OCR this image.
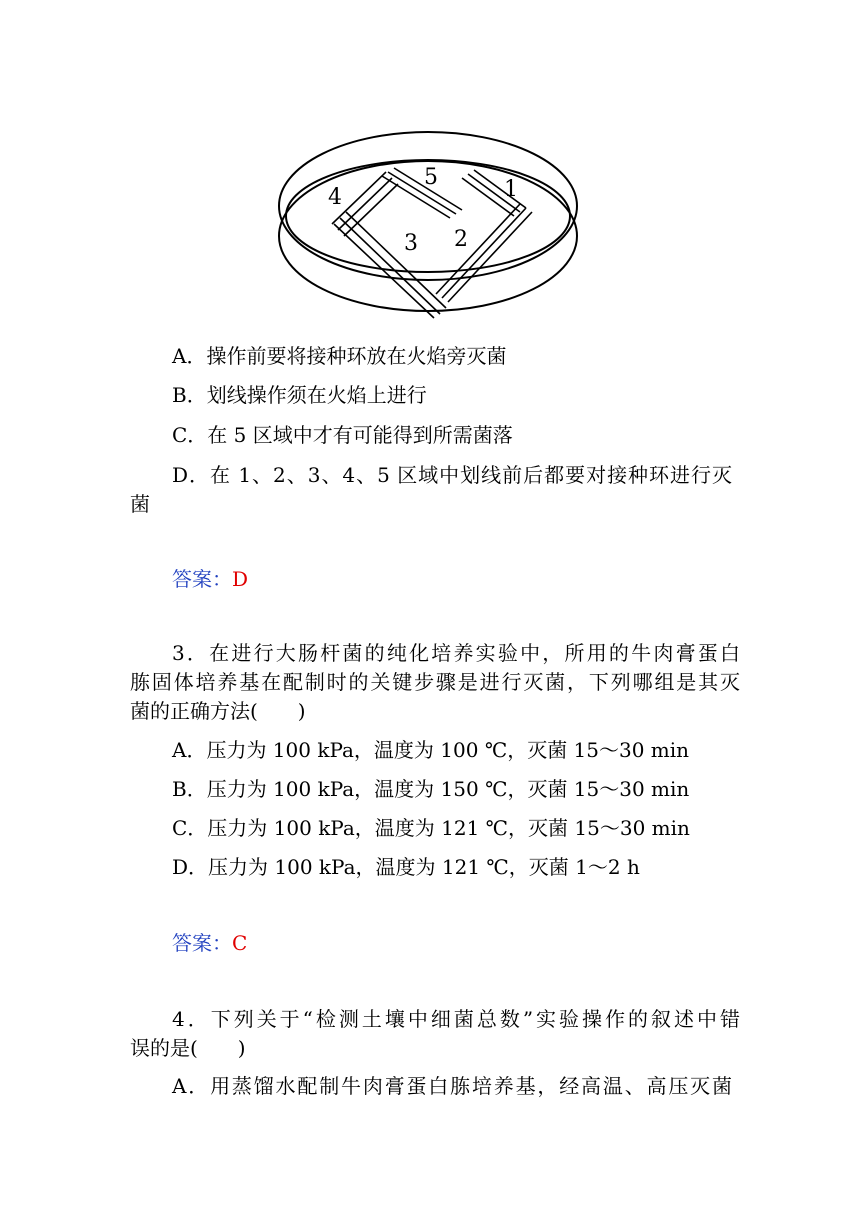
1
2
3
4
5
A．操作前要将接种环放在火焰旁灭菌
B．划线操作须在火焰上进行
C．在 5 区域中才有可能得到所需菌落
D．在 1、2、3、4、5 区域中划线前后都要对接种环进行灭
菌
答案：D
3．在进行大肠杆菌的纯化培养实验中，所用的牛肉膏蛋白
胨固体培养基在配制时的关键步骤是进行灭菌，下列哪组是其灭
菌的正确方法(　　)
A．压力为 100 kPa，温度为 100 ℃，灭菌 15～30 min
B．压力为 100 kPa，温度为 150 ℃，灭菌 15～30 min
C．压力为 100 kPa，温度为 121 ℃，灭菌 15～30 min
D．压力为 100 kPa，温度为 121 ℃，灭菌 1～2 h
答案：C
4．下列关于“检测土壤中细菌总数”实验操作的叙述中错
误的是(　　)
A．用蒸馏水配制牛肉膏蛋白胨培养基，经高温、高压灭菌
